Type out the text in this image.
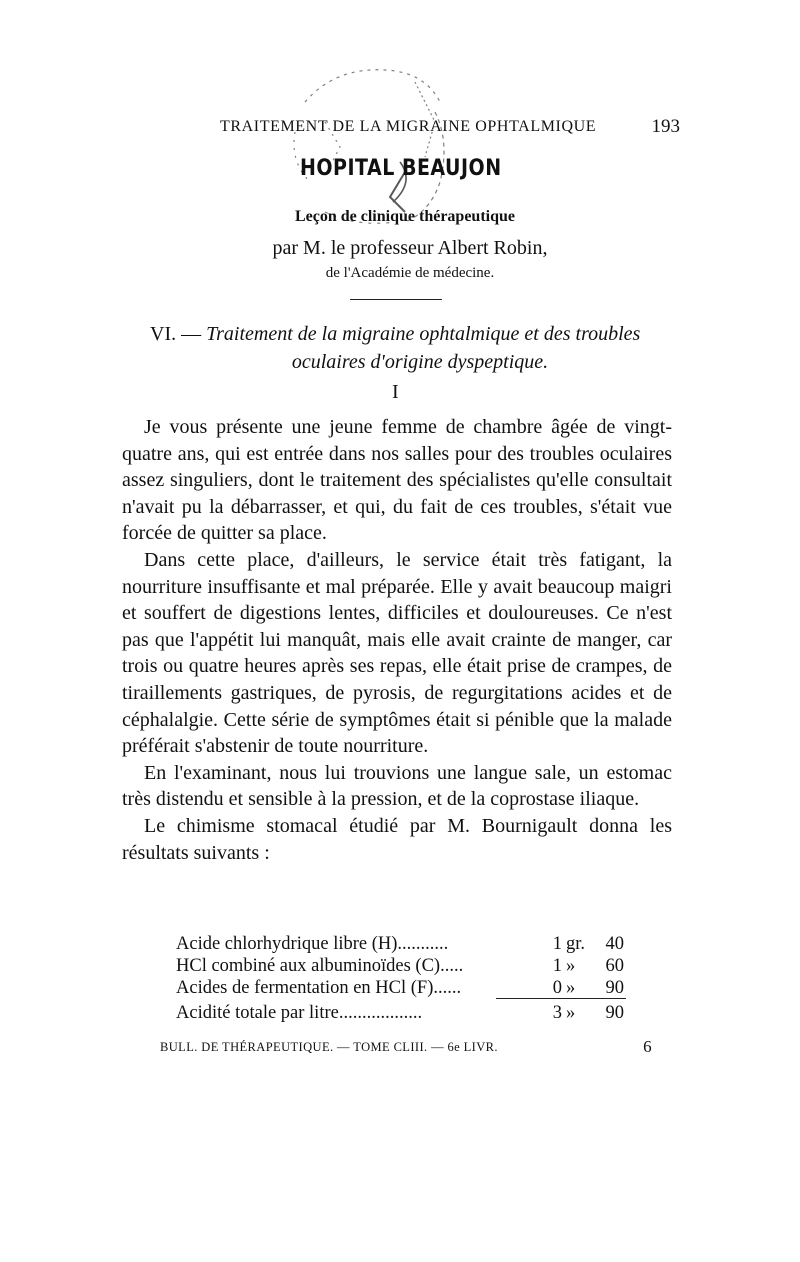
TRAITEMENT DE LA MIGRAINE OPHTALMIQUE	193
HOPITAL BEAUJON
Leçon de clinique thérapeutique
par M. le professeur Albert Robin,
de l'Académie de médecine.
VI. — Traitement de la migraine ophtalmique et des troubles
oculaires d'origine dyspeptique.
I

Je vous présente une jeune femme de chambre âgée de vingt-quatre ans, qui est entrée dans nos salles pour des troubles oculaires assez singuliers, dont le traitement des spécialistes qu'elle consultait n'avait pu la débarrasser, et qui, du fait de ces troubles, s'était vue forcée de quitter sa place.

Dans cette place, d'ailleurs, le service était très fatigant, la nourriture insuffisante et mal préparée. Elle y avait beaucoup maigri et souffert de digestions lentes, difficiles et douloureuses. Ce n'est pas que l'appétit lui manquât, mais elle avait crainte de manger, car trois ou quatre heures après ses repas, elle était prise de crampes, de tiraillements gastriques, de pyrosis, de regurgitations acides et de céphalalgie. Cette série de symptômes était si pénible que la malade préférait s'abstenir de toute nourriture.

En l'examinant, nous lui trouvions une langue sale, un estomac très distendu et sensible à la pression, et de la coprostase iliaque.

Le chimisme stomacal étudié par M. Bournigault donna les résultats suivants :

Acide chlorhydrique libre (H)...........	1 gr.	40
HCl combiné aux albuminoïdes (C).....	1 »	60
Acides de fermentation en HCl (F)......	0 »	90
Acidité totale par litre..................	3 »	90
BULL. DE THÉRAPEUTIQUE. — TOME CLIII. — 6e LIVR.	6
